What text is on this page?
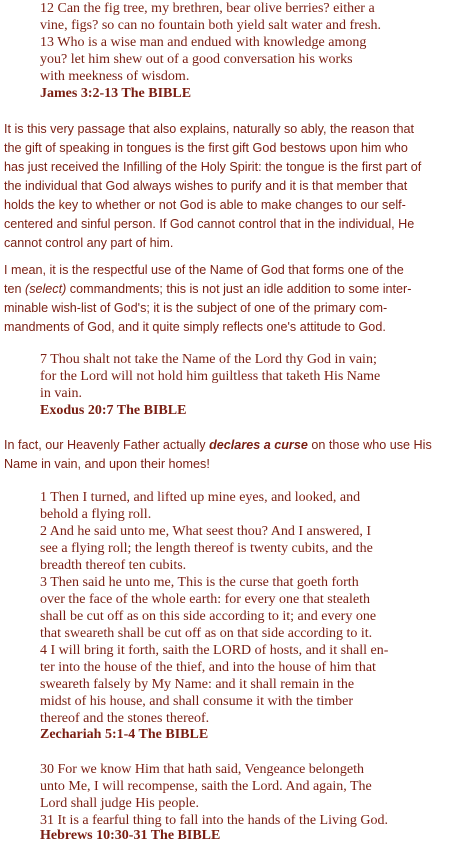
12 Can the fig tree, my brethren, bear olive berries? either a
vine, figs? so can no fountain both yield salt water and fresh.
13 Who is a wise man and endued with knowledge among
you? let him shew out of a good conversation his works
with meekness of wisdom.
James 3:2-13 The BIBLE
It is this very passage that also explains, naturally so ably, the reason that
the gift of speaking in tongues is the first gift God bestows upon him who
has just received the Infilling of the Holy Spirit: the tongue is the first part of
the individual that God always wishes to purify and it is that member that
holds the key to whether or not God is able to make changes to our self-
centered and sinful person. If God cannot control that in the individual, He
cannot control any part of him.
I mean, it is the respectful use of the Name of God that forms one of the
ten (select) commandments; this is not just an idle addition to some inter-
minable wish-list of God's; it is the subject of one of the primary com-
mandments of God, and it quite simply reflects one's attitude to God.
7 Thou shalt not take the Name of the Lord thy God in vain;
for the Lord will not hold him guiltless that taketh His Name
in vain.
Exodus 20:7 The BIBLE
In fact, our Heavenly Father actually declares a curse on those who use His
Name in vain, and upon their homes!
1 Then I turned, and lifted up mine eyes, and looked, and
behold a flying roll.
2 And he said unto me, What seest thou? And I answered, I
see a flying roll; the length thereof is twenty cubits, and the
breadth thereof ten cubits.
3 Then said he unto me, This is the curse that goeth forth
over the face of the whole earth: for every one that stealeth
shall be cut off as on this side according to it; and every one
that sweareth shall be cut off as on that side according to it.
4 I will bring it forth, saith the LORD of hosts, and it shall en-
ter into the house of the thief, and into the house of him that
sweareth falsely by My Name: and it shall remain in the
midst of his house, and shall consume it with the timber
thereof and the stones thereof.
Zechariah 5:1-4 The BIBLE
30 For we know Him that hath said, Vengeance belongeth
unto Me, I will recompense, saith the Lord. And again, The
Lord shall judge His people.
31 It is a fearful thing to fall into the hands of the Living God.
Hebrews 10:30-31 The BIBLE
